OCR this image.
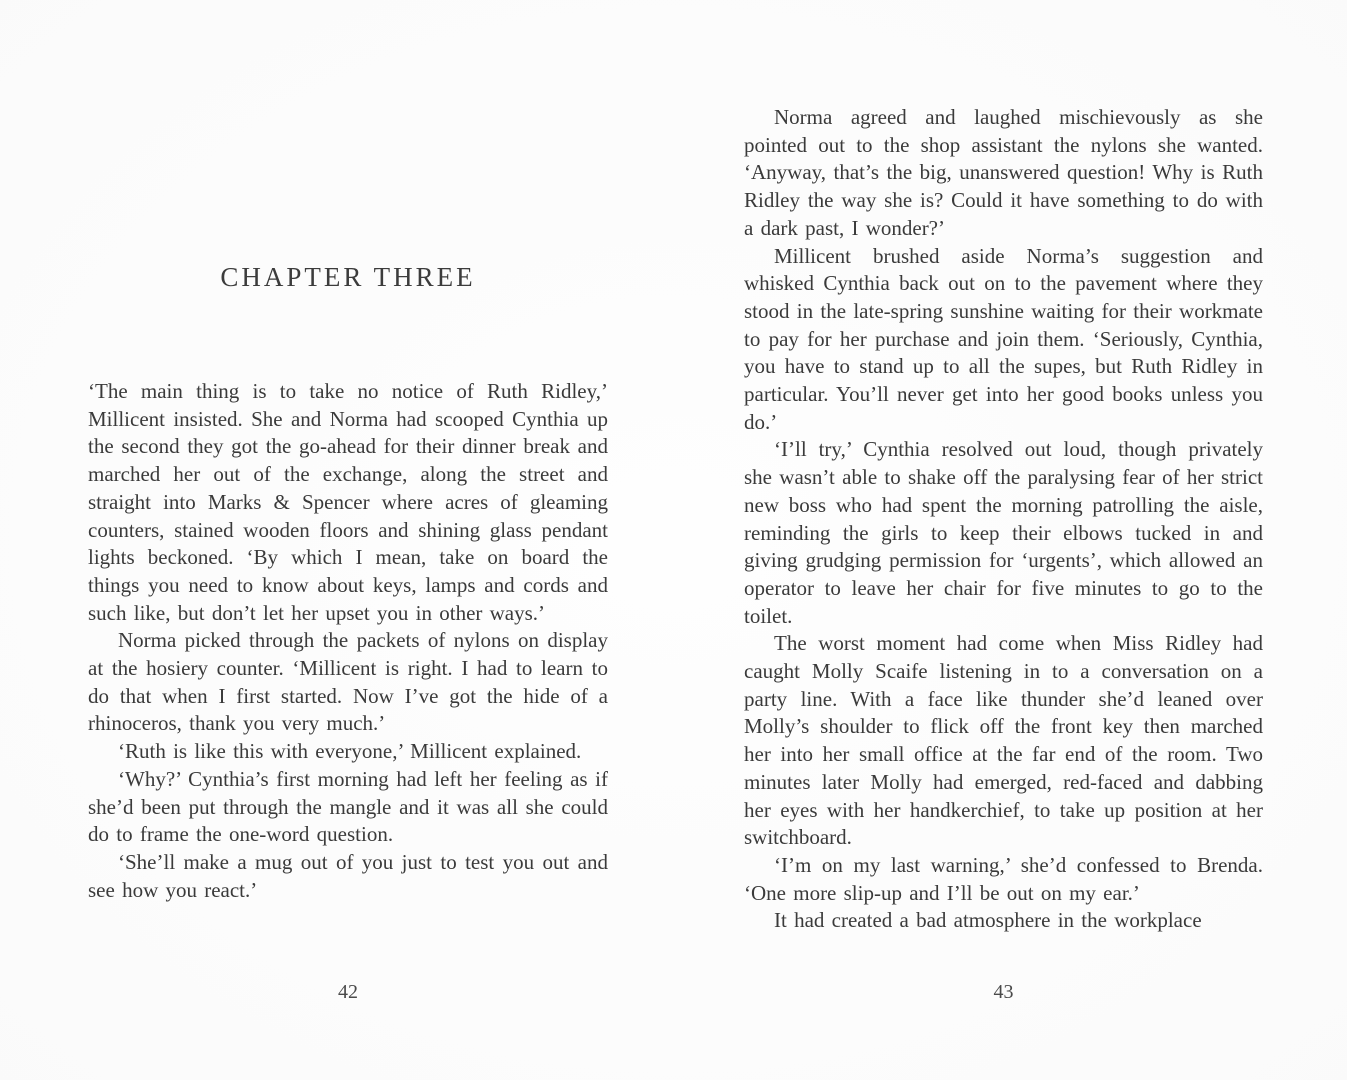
CHAPTER THREE

‘The main thing is to take no notice of Ruth Ridley,’ Millicent insisted. She and Norma had scooped Cynthia up the second they got the go-ahead for their dinner break and marched her out of the exchange, along the street and straight into Marks & Spencer where acres of gleaming counters, stained wooden floors and shining glass pendant lights beckoned. ‘By which I mean, take on board the things you need to know about keys, lamps and cords and such like, but don’t let her upset you in other ways.’

Norma picked through the packets of nylons on display at the hosiery counter. ‘Millicent is right. I had to learn to do that when I first started. Now I’ve got the hide of a rhinoceros, thank you very much.’

‘Ruth is like this with everyone,’ Millicent explained.

‘Why?’ Cynthia’s first morning had left her feeling as if she’d been put through the mangle and it was all she could do to frame the one-word question.

‘She’ll make a mug out of you just to test you out and see how you react.’

Norma agreed and laughed mischievously as she pointed out to the shop assistant the nylons she wanted. ‘Anyway, that’s the big, unanswered question! Why is Ruth Ridley the way she is? Could it have something to do with a dark past, I wonder?’

Millicent brushed aside Norma’s suggestion and whisked Cynthia back out on to the pavement where they stood in the late-spring sunshine waiting for their workmate to pay for her purchase and join them. ‘Seriously, Cynthia, you have to stand up to all the supes, but Ruth Ridley in particular. You’ll never get into her good books unless you do.’

‘I’ll try,’ Cynthia resolved out loud, though privately she wasn’t able to shake off the paralysing fear of her strict new boss who had spent the morning patrolling the aisle, reminding the girls to keep their elbows tucked in and giving grudging permission for ‘urgents’, which allowed an operator to leave her chair for five minutes to go to the toilet.

The worst moment had come when Miss Ridley had caught Molly Scaife listening in to a conversation on a party line. With a face like thunder she’d leaned over Molly’s shoulder to flick off the front key then marched her into her small office at the far end of the room. Two minutes later Molly had emerged, red-faced and dabbing her eyes with her handkerchief, to take up position at her switchboard.

‘I’m on my last warning,’ she’d confessed to Brenda. ‘One more slip-up and I’ll be out on my ear.’

It had created a bad atmosphere in the workplace

42	43
